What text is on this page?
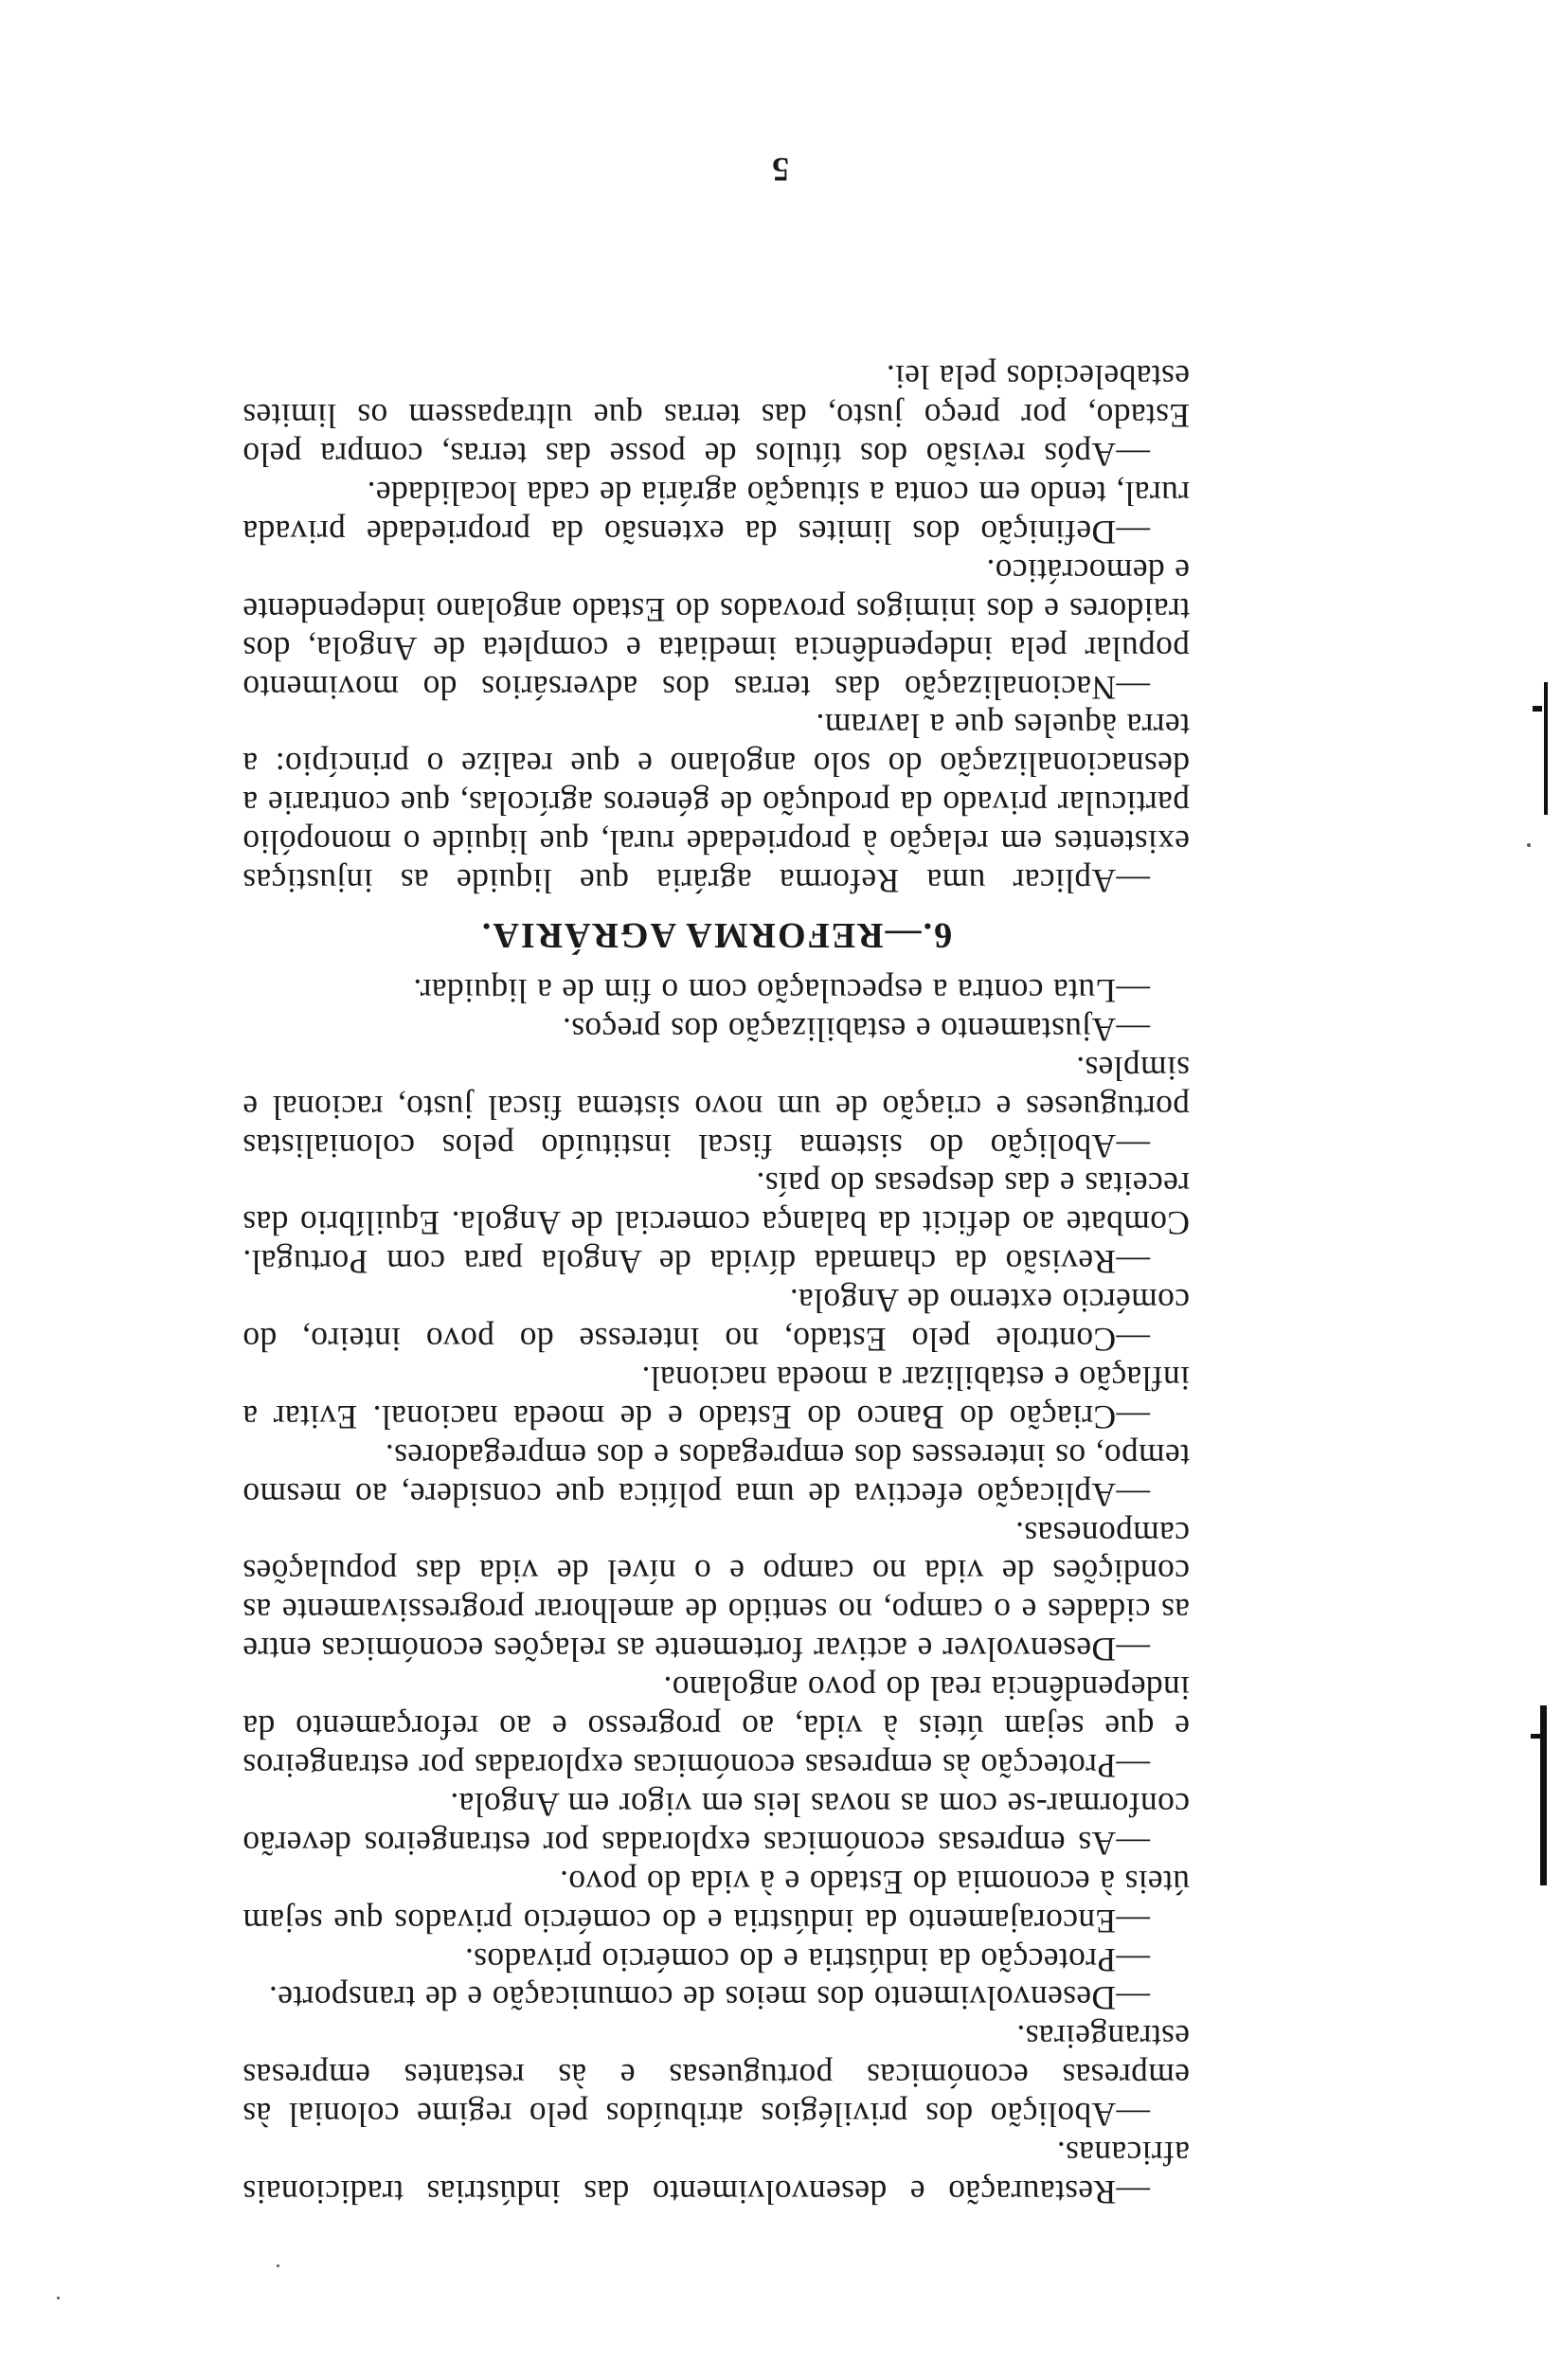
—Restauração e desenvolvimento das indústrias tradicionais africanas.

—Abolição dos privilégios atribuídos pelo regime colonial às empresas económicas portuguesas e às restantes empresas estrangeiras.

—Desenvolvimento dos meios de comunicação e de transporte.

—Protecção da indústria e do comércio privados.

—Encorajamento da indústria e do comércio privados que sejam úteis à economia do Estado e à vida do povo.

—As empresas económicas exploradas por estrangeiros deverão conformar-se com as novas leis em vigor em Angola.

—Protecção às empresas económicas exploradas por estrangeiros e que sejam úteis à vida, ao progresso e ao reforçamento da independência real do povo angolano.

—Desenvolver e activar fortemente as relações económicas entre as cidades e o campo, no sentido de amelhorar progressivamente as condições de vida no campo e o nível de vida das populações camponesas.

—Aplicação efectiva de uma política que considere, ao mesmo tempo, os interesses dos empregados e dos empregadores.

—Criação do Banco do Estado e de moeda nacional. Evitar a inflação e estabilizar a moeda nacional.

—Controle pelo Estado, no interesse do povo inteiro, do comércio externo de Angola.

—Revisão da chamada dívida de Angola para com Portugal. Combate ao deficit da balança comercial de Angola. Equilíbrio das receitas e das despesas do país.

—Abolição do sistema fiscal instituído pelos colonialistas portugueses e criação de um novo sistema fiscal justo, racional e simples.

—Ajustamento e estabilização dos preços.

—Luta contra a especulação com o fim de a liquidar.

6.—REFORMA AGRÁRIA.

—Aplicar uma Reforma agrária que liquide as injustiças existentes em relação à propriedade rural, que liquide o monopólio particular privado da produção de géneros agrícolas, que contrarie a desnacionalização do solo angolano e que realize o princípio: a terra àqueles que a lavram.

—Nacionalização das terras dos adversários do movimento popular pela independência imediata e completa de Angola, dos traidores e dos inimigos provados do Estado angolano independente e democrático.

—Definição dos limites da extensão da propriedade privada rural, tendo em conta a situação agrária de cada localidade.

—Após revisão dos títulos de posse das terras, compra pelo Estado, por preço justo, das terras que ultrapassem os limites estabelecidos pela lei.

5
